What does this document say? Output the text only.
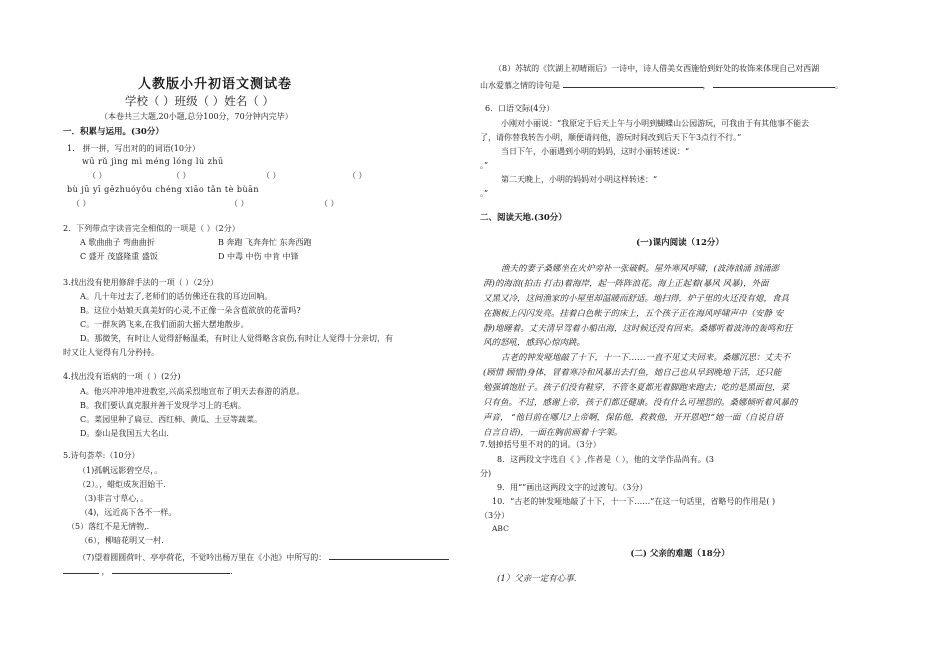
人教版小升初语文测试卷
学校（ ）班级（ ）姓名（ ）
（本卷共三大题,20小题,总分100分，70分钟内完毕）
一．积累与运用。(30分）
1． 拼一拼，写出对的的词语(10分）
wū rǔ jìng mì méng lóng lù zhū
（ ）	（ ）	（ ）	（ ）
bù jū yī gēzhuóyǒu chéng xiāo tǎn tè bùān
（ ）	（ ）	（ ）
2．下列带点字读音完全相似的一项是（ ）（2分）
A 歌曲曲子 弯曲曲折	B 奔跑 飞奔奔忙 东奔西跑
C 盛开 茂盛隆重 盛饭	D 中毒 中伤 中肯 中锋
3.找出没有使用修辞手法的一项（ ）（2分）
A。几十年过去了,老师们的话仿佛还在我的耳边回响。
B。这位小姑娘天真美好的心灵,不正像一朵含苞欲放的花蕾吗?
C。一群灰鸽飞来,在我们面前大摇大摆地散步。
D。那微笑，有时让人觉得舒畅温柔，有时让人觉得略含哀伤,有时让人觉得十分亲切，有
时又让人觉得有几分矜持。
4.找出没有语病的一项（ ）(2分)
A。他兴冲冲地冲进教室,兴高采烈地宣布了明天去春游的消息。
B。我们要认真克服并善于发现学习上的毛病。
C。菜园里种了扁豆、西红柿、黄瓜、土豆等蔬菜。
D。泰山是我国五大名山.
5.诗句荟萃:（10分）
（1)孤帆远影碧空尽，。
（2）。，蜡炬成灰泪始干.
（3)非言寸草心，。
（4)，远近高下各不一样。
（5）落红不是无情物,.
（6），柳暗花明又一村.
（7)望着圆圆荷叶、亭亭荷花，不觉吟出杨万里在《小池》中所写的：
，	.
（8）苏轼的《饮湖上初晴雨后》一诗中，诗人借美女西施恰到好处的妆饰来体现自己对西湖
山水爱慕之情的诗句是	，	。
6．口语交际(4分）
小刚对小丽说：“我原定于后天上午与小明到蝴蝶山公园游玩，可我由于有其他事不能去
了，请你替我转告小明，顺便请问他，游玩时间改到后天下午3点行不行。”
当日下午，小丽遇到小明的妈妈，这时小丽转述说：“
。”
第二天晚上，小明的妈妈对小明这样转述：“
。”
二、阅读天地.(30分）
(一)课内阅读（12分）
渔夫的妻子桑娜坐在火炉旁补一张破帆。屋外寒风呼啸，(波涛汹涌 汹涌澎
湃)的海浪(拍击 打击)着海岸，起一阵阵浪花。海上正起着(暴风 风暴)，外面
又黑又冷，这间渔家的小屋里却温暖而舒适。地扫得，炉子里的火还没有熄，食具
在搁板上闪闪发亮。挂着白色帐子的床上，五个孩子正在海风呼啸声中（安静 安
静)地睡着。丈夫清早驾着小船出海，这时候还没有回来。桑娜听着波涛的轰鸣和狂
风的怒吼，感到心惊肉跳。
古老的钟发哑地敲了十下，十一下……一直不见丈夫回来。桑娜沉思：丈夫不
(顾惜 顾惜)身体，冒着寒冷和风暴出去打鱼，她自己也从早到晚地干活，还只能
勉强填饱肚子。孩子们没有鞋穿，不管冬夏都光着脚跑来跑去；吃的是黑面包，菜
只有鱼。不过，感谢上帝，孩子们都还健康。没有什么可埋怨的。桑娜倾听着风暴的
声音， “他目前在哪儿?上帝啊，保佑他，救救他，开开恩吧!”她一面（自说自语
自言自语)，一面在胸前画着十字架。
7.划掉括号里不对的的词。（3分）
8．这两段文字选自《 》,作者是（ ），他的文学作品尚有。(3
分)
9．用“”画出这两段文字的过渡句。（3分）
10．“古老的钟发哑地敲了十下，十一下……”在这一句话里，省略号的作用是( )
（3分）
ABC
(二) 父亲的难题（18分）
(1）父亲一定有心事.
